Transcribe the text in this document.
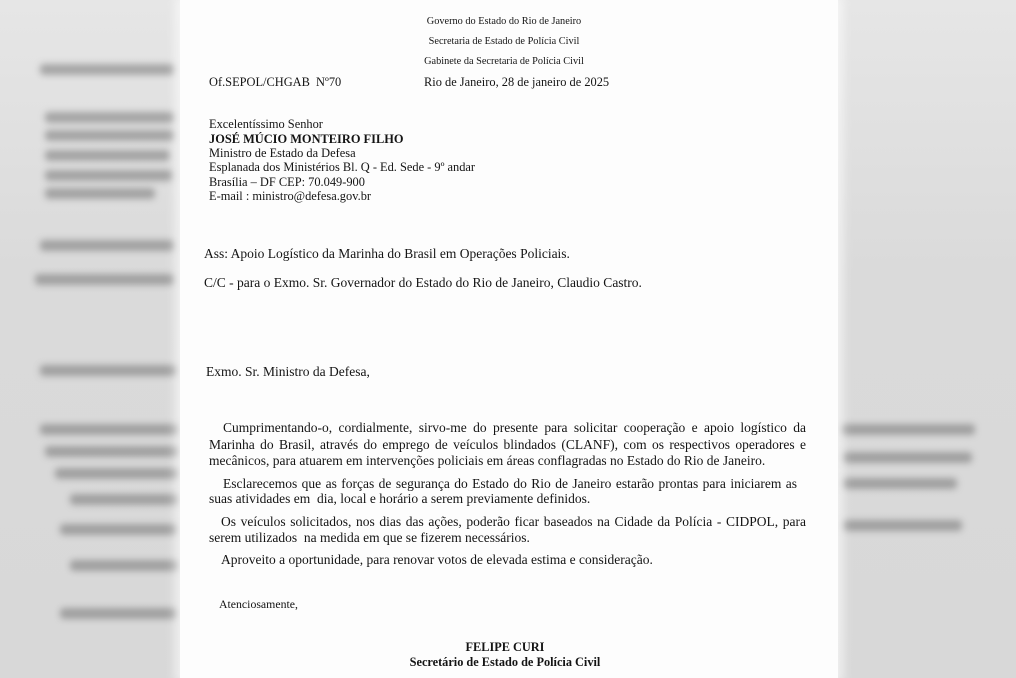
Governo do Estado do Rio de Janeiro
Secretaria de Estado de Polícia Civil
Gabinete da Secretaria de Polícia Civil
Of.SEPOL/CHGAB  Nº70	Rio de Janeiro, 28 de janeiro de 2025
Excelentíssimo Senhor
JOSÉ MÚCIO MONTEIRO FILHO
Ministro de Estado da Defesa
Esplanada dos Ministérios Bl. Q - Ed. Sede - 9º andar
Brasília – DF CEP: 70.049-900
E-mail : ministro@defesa.gov.br
Ass: Apoio Logístico da Marinha do Brasil em Operações Policiais.
C/C - para o Exmo. Sr. Governador do Estado do Rio de Janeiro, Claudio Castro.
Exmo. Sr. Ministro da Defesa,
Cumprimentando-o, cordialmente, sirvo-me do presente para solicitar cooperação e apoio logístico da
Marinha do Brasil, através do emprego de veículos blindados (CLANF), com os respectivos operadores e
mecânicos, para atuarem em intervenções policiais em áreas conflagradas no Estado do Rio de Janeiro.
Esclarecemos que as forças de segurança do Estado do Rio de Janeiro estarão prontas para iniciarem as
suas atividades em  dia, local e horário a serem previamente definidos.
Os veículos solicitados, nos dias das ações, poderão ficar baseados na Cidade da Polícia - CIDPOL, para
serem utilizados  na medida em que se fizerem necessários.
Aproveito a oportunidade, para renovar votos de elevada estima e consideração.
Atenciosamente,
FELIPE CURI
Secretário de Estado de Polícia Civil
